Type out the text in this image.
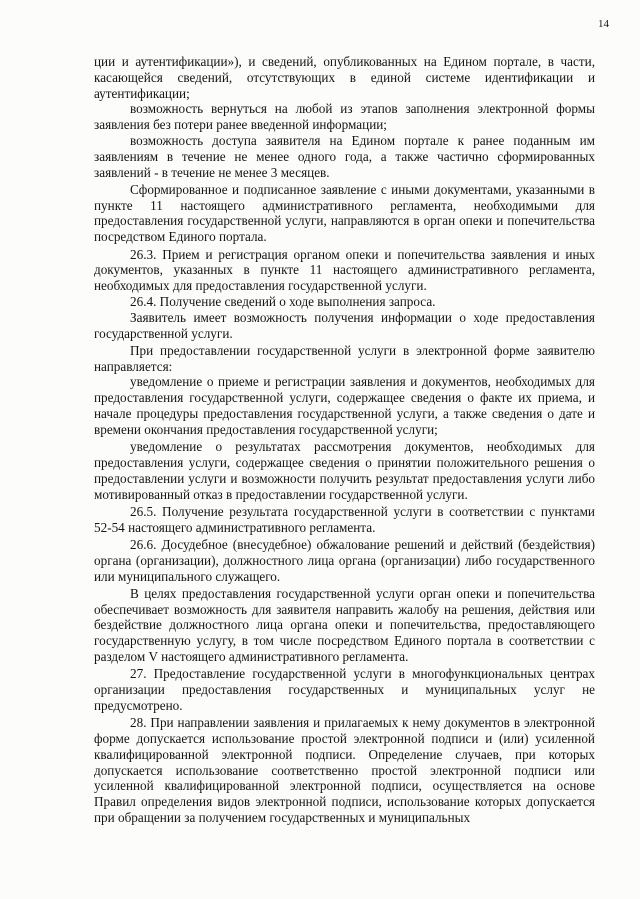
14

ции и аутентификации»), и сведений, опубликованных на Едином портале, в части, касающейся сведений, отсутствующих в единой системе идентификации и аутентификации;

возможность вернуться на любой из этапов заполнения электронной формы заявления без потери ранее введенной информации;

возможность доступа заявителя на Едином портале к ранее поданным им заявлениям в течение не менее одного года, а также частично сформированных заявлений - в течение не менее 3 месяцев.

Сформированное и подписанное заявление с иными документами, указанными в пункте 11 настоящего административного регламента, необходимыми для предоставления государственной услуги, направляются в орган опеки и попечительства посредством Единого портала.

26.3. Прием и регистрация органом опеки и попечительства заявления и иных документов, указанных в пункте 11 настоящего административного регламента, необходимых для предоставления государственной услуги.

26.4. Получение сведений о ходе выполнения запроса.

Заявитель имеет возможность получения информации о ходе предоставления государственной услуги.

При предоставлении государственной услуги в электронной форме заявителю направляется:

уведомление о приеме и регистрации заявления и документов, необходимых для предоставления государственной услуги, содержащее сведения о факте их приема, и начале процедуры предоставления государственной услуги, а также сведения о дате и времени окончания предоставления государственной услуги;

уведомление о результатах рассмотрения документов, необходимых для предоставления услуги, содержащее сведения о принятии положительного решения о предоставлении услуги и возможности получить результат предоставления услуги либо мотивированный отказ в предоставлении государственной услуги.

26.5. Получение результата государственной услуги в соответствии с пунктами 52-54 настоящего административного регламента.

26.6. Досудебное (внесудебное) обжалование решений и действий (бездействия) органа (организации), должностного лица органа (организации) либо государственного или муниципального служащего.

В целях предоставления государственной услуги орган опеки и попечительства обеспечивает возможность для заявителя направить жалобу на решения, действия или бездействие должностного лица органа опеки и попечительства, предоставляющего государственную услугу, в том числе посредством Единого портала в соответствии с разделом V настоящего административного регламента.

27. Предоставление государственной услуги в многофункциональных центрах организации предоставления государственных и муниципальных услуг не предусмотрено.

28. При направлении заявления и прилагаемых к нему документов в электронной форме допускается использование простой электронной подписи и (или) усиленной квалифицированной электронной подписи. Определение случаев, при которых допускается использование соответственно простой электронной подписи или усиленной квалифицированной электронной подписи, осуществляется на основе Правил определения видов электронной подписи, использование которых допускается при обращении за получением государственных и муниципальных
